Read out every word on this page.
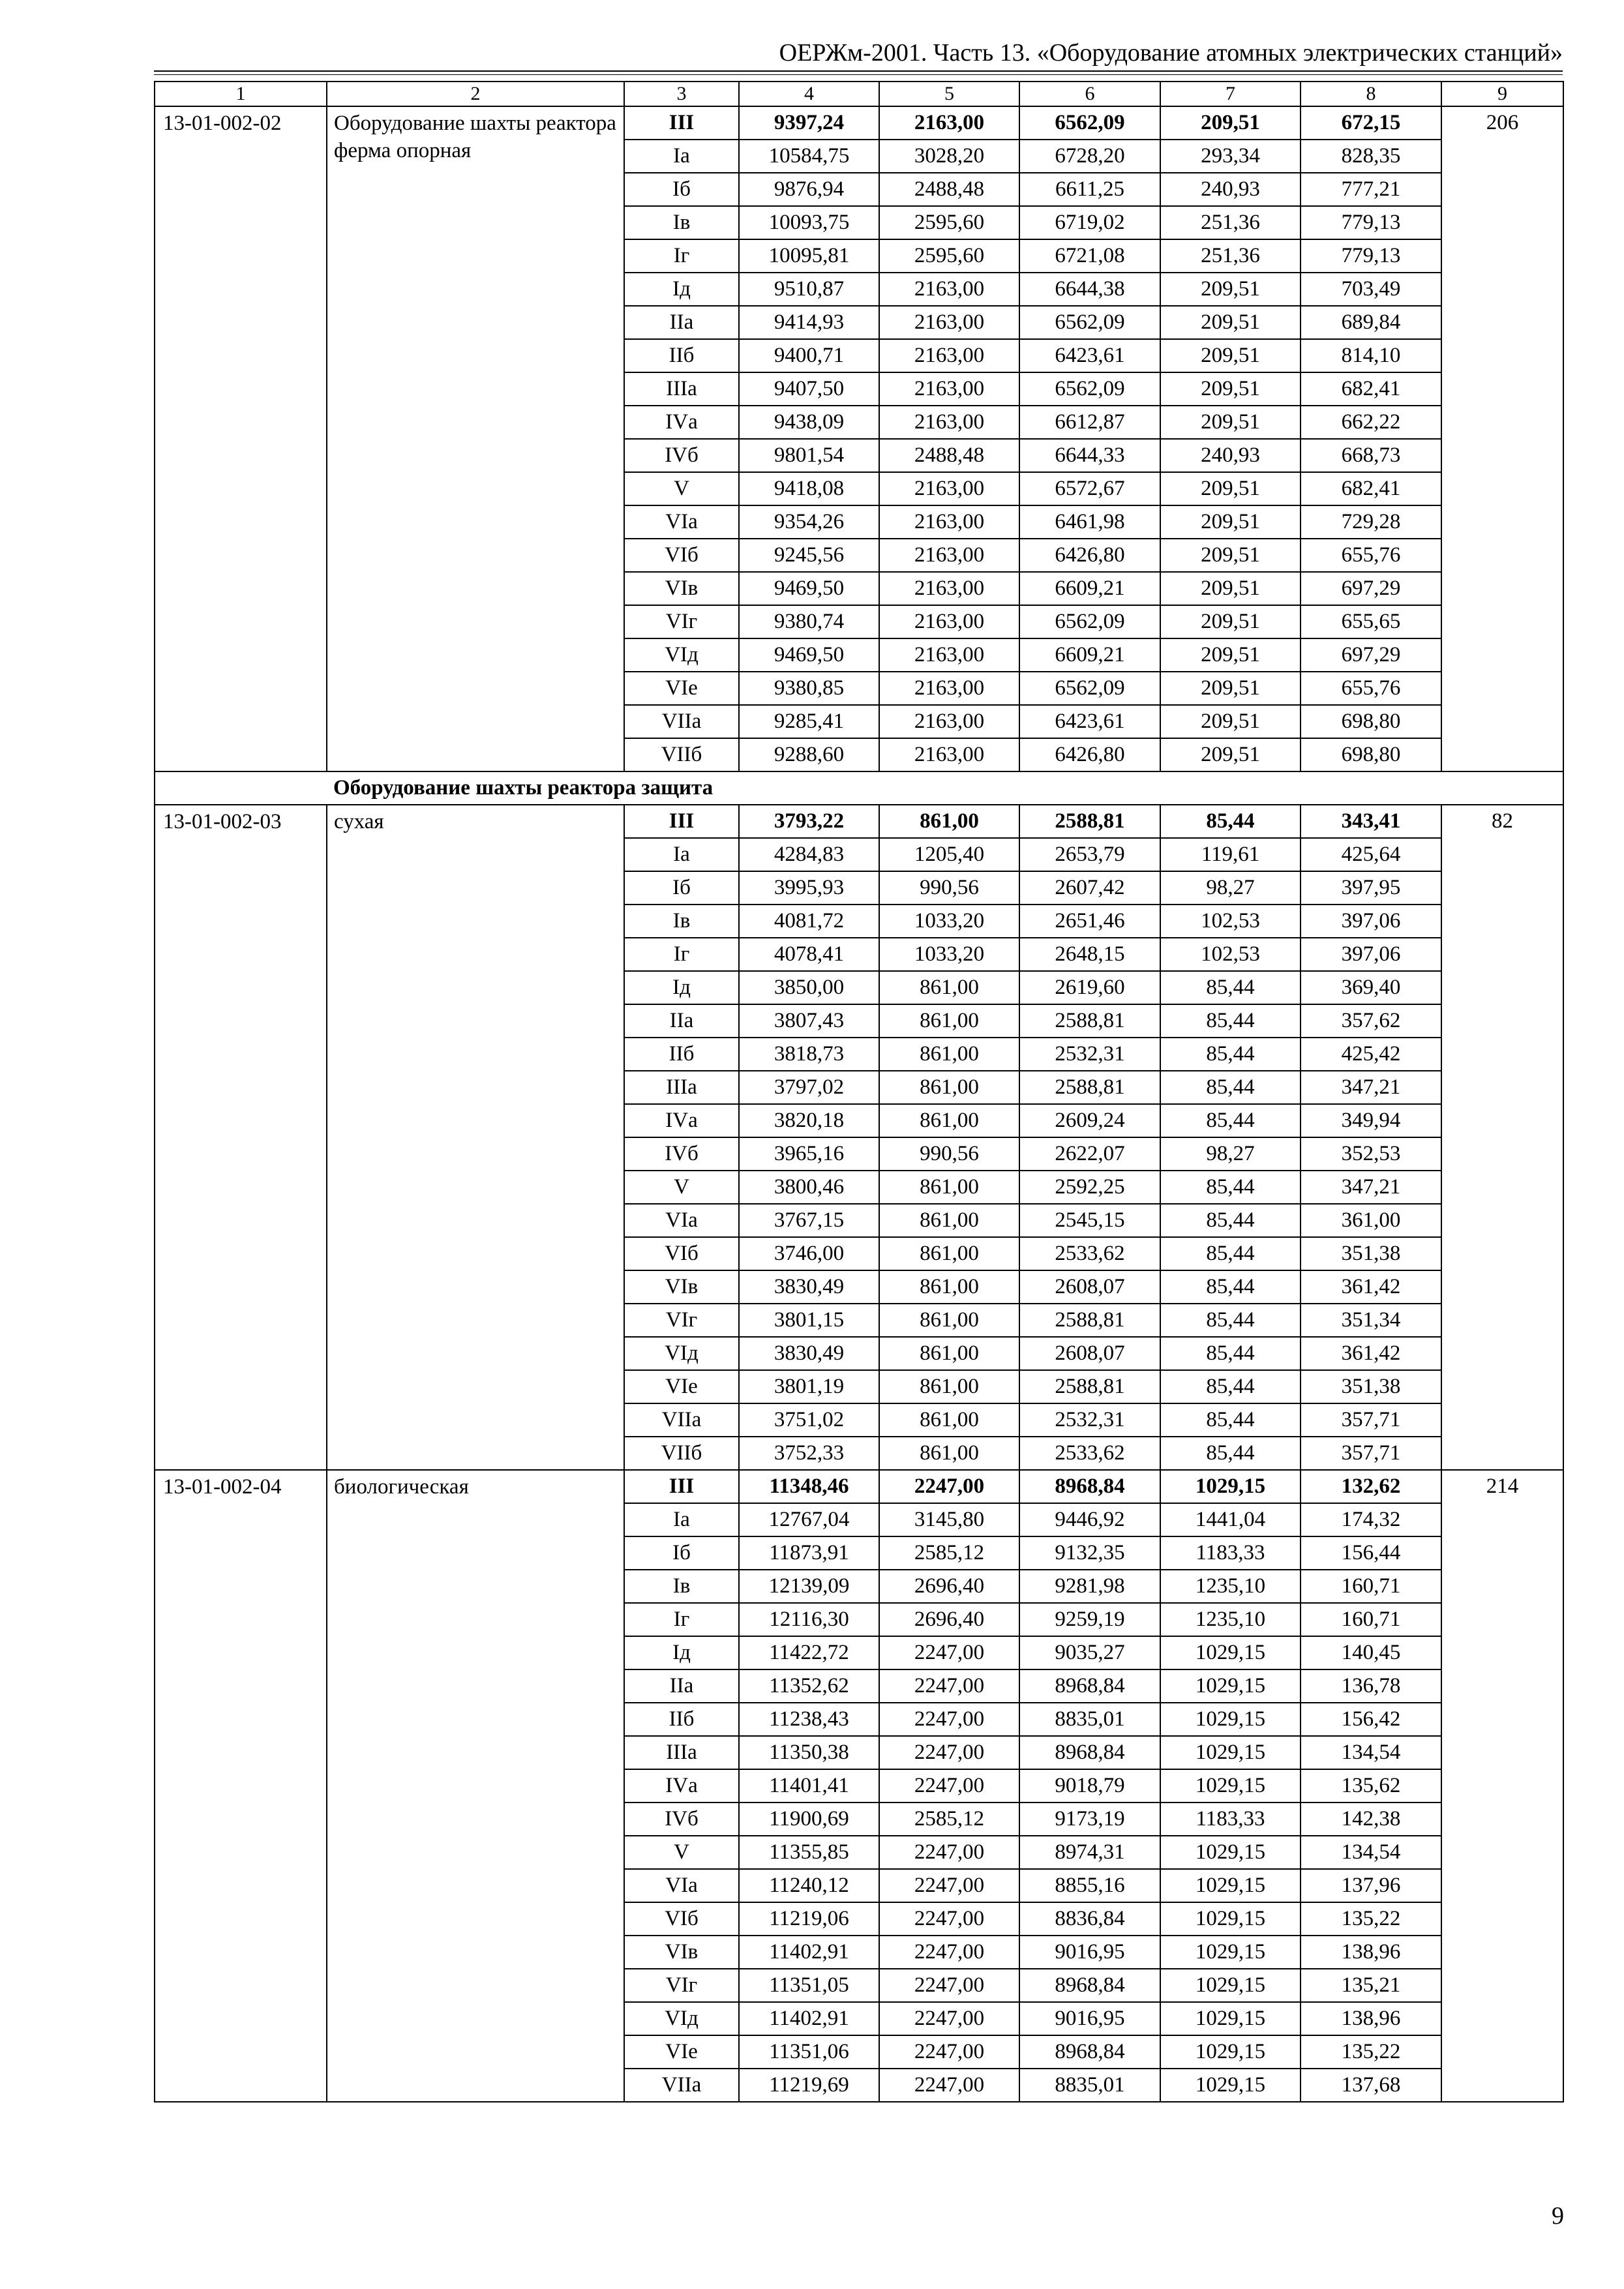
ОЕРЖм-2001. Часть 13. «Оборудование атомных электрических станций»
1	2	3	4	5	6	7	8	9
13-01-002-02	Оборудование шахты реактора ферма опорная	III	9397,24	2163,00	6562,09	209,51	672,15	206
		Iа	10584,75	3028,20	6728,20	293,34	828,35	
		Iб	9876,94	2488,48	6611,25	240,93	777,21	
		Iв	10093,75	2595,60	6719,02	251,36	779,13	
		Iг	10095,81	2595,60	6721,08	251,36	779,13	
		Iд	9510,87	2163,00	6644,38	209,51	703,49	
		IIа	9414,93	2163,00	6562,09	209,51	689,84	
		IIб	9400,71	2163,00	6423,61	209,51	814,10	
		IIIа	9407,50	2163,00	6562,09	209,51	682,41	
		IVа	9438,09	2163,00	6612,87	209,51	662,22	
		IVб	9801,54	2488,48	6644,33	240,93	668,73	
		V	9418,08	2163,00	6572,67	209,51	682,41	
		VIа	9354,26	2163,00	6461,98	209,51	729,28	
		VIб	9245,56	2163,00	6426,80	209,51	655,76	
		VIв	9469,50	2163,00	6609,21	209,51	697,29	
		VIг	9380,74	2163,00	6562,09	209,51	655,65	
		VIд	9469,50	2163,00	6609,21	209,51	697,29	
		VIе	9380,85	2163,00	6562,09	209,51	655,76	
		VIIа	9285,41	2163,00	6423,61	209,51	698,80	
		VIIб	9288,60	2163,00	6426,80	209,51	698,80	
	Оборудование шахты реактора защита							
13-01-002-03	сухая	III	3793,22	861,00	2588,81	85,44	343,41	82
		Iа	4284,83	1205,40	2653,79	119,61	425,64	
		Iб	3995,93	990,56	2607,42	98,27	397,95	
		Iв	4081,72	1033,20	2651,46	102,53	397,06	
		Iг	4078,41	1033,20	2648,15	102,53	397,06	
		Iд	3850,00	861,00	2619,60	85,44	369,40	
		IIа	3807,43	861,00	2588,81	85,44	357,62	
		IIб	3818,73	861,00	2532,31	85,44	425,42	
		IIIа	3797,02	861,00	2588,81	85,44	347,21	
		IVа	3820,18	861,00	2609,24	85,44	349,94	
		IVб	3965,16	990,56	2622,07	98,27	352,53	
		V	3800,46	861,00	2592,25	85,44	347,21	
		VIа	3767,15	861,00	2545,15	85,44	361,00	
		VIб	3746,00	861,00	2533,62	85,44	351,38	
		VIв	3830,49	861,00	2608,07	85,44	361,42	
		VIг	3801,15	861,00	2588,81	85,44	351,34	
		VIд	3830,49	861,00	2608,07	85,44	361,42	
		VIе	3801,19	861,00	2588,81	85,44	351,38	
		VIIа	3751,02	861,00	2532,31	85,44	357,71	
		VIIб	3752,33	861,00	2533,62	85,44	357,71	
13-01-002-04	биологическая	III	11348,46	2247,00	8968,84	1029,15	132,62	214
		Iа	12767,04	3145,80	9446,92	1441,04	174,32	
		Iб	11873,91	2585,12	9132,35	1183,33	156,44	
		Iв	12139,09	2696,40	9281,98	1235,10	160,71	
		Iг	12116,30	2696,40	9259,19	1235,10	160,71	
		Iд	11422,72	2247,00	9035,27	1029,15	140,45	
		IIа	11352,62	2247,00	8968,84	1029,15	136,78	
		IIб	11238,43	2247,00	8835,01	1029,15	156,42	
		IIIа	11350,38	2247,00	8968,84	1029,15	134,54	
		IVа	11401,41	2247,00	9018,79	1029,15	135,62	
		IVб	11900,69	2585,12	9173,19	1183,33	142,38	
		V	11355,85	2247,00	8974,31	1029,15	134,54	
		VIа	11240,12	2247,00	8855,16	1029,15	137,96	
		VIб	11219,06	2247,00	8836,84	1029,15	135,22	
		VIв	11402,91	2247,00	9016,95	1029,15	138,96	
		VIг	11351,05	2247,00	8968,84	1029,15	135,21	
		VIд	11402,91	2247,00	9016,95	1029,15	138,96	
		VIе	11351,06	2247,00	8968,84	1029,15	135,22	
		VIIа	11219,69	2247,00	8835,01	1029,15	137,68	
9
